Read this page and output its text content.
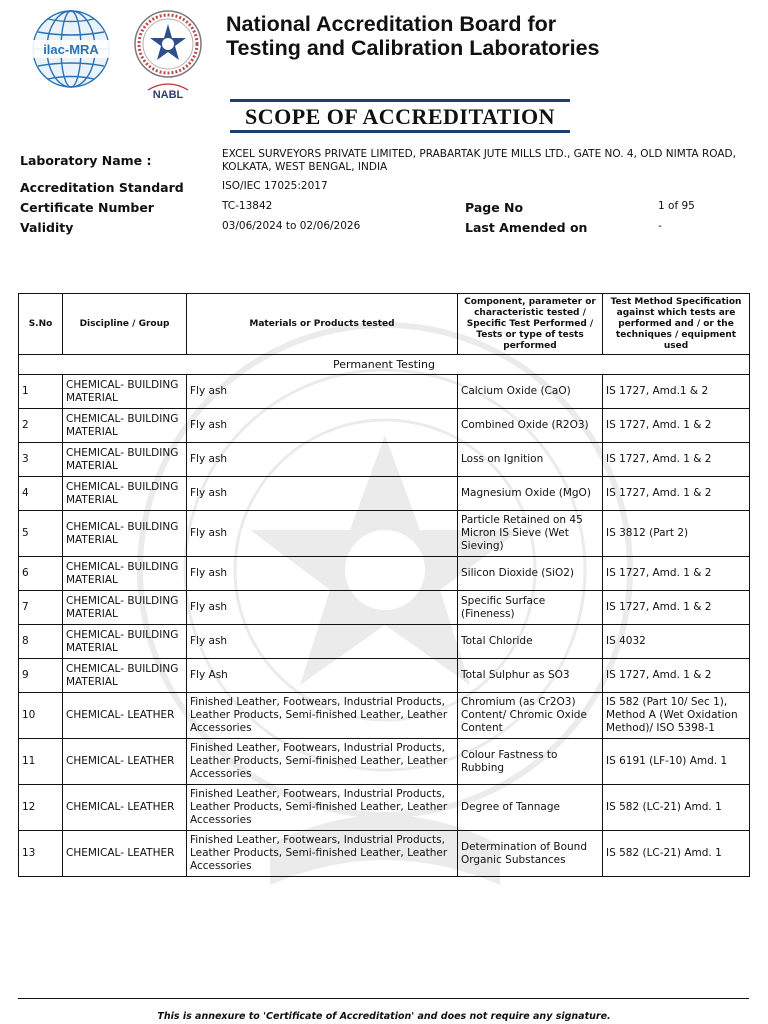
ilac-MRA
NABL
National Accreditation Board for
Testing and Calibration Laboratories
SCOPE OF ACCREDITATION
Laboratory Name :	EXCEL SURVEYORS PRIVATE LIMITED, PRABARTAK JUTE MILLS LTD., GATE NO. 4, OLD NIMTA ROAD,
KOLKATA, WEST BENGAL, INDIA
Accreditation Standard	ISO/IEC 17025:2017
Certificate Number	TC-13842	Page No	1 of 95
Validity	03/06/2024 to 02/06/2026	Last Amended on	-
S.No	Discipline / Group	Materials or Products tested	Component, parameter or characteristic tested / Specific Test Performed / Tests or type of tests performed	Test Method Specification against which tests are performed and / or the techniques / equipment used
Permanent Testing				
1	CHEMICAL- BUILDING MATERIAL	Fly ash	Calcium Oxide (CaO)	IS 1727, Amd.1 & 2
2	CHEMICAL- BUILDING MATERIAL	Fly ash	Combined Oxide (R2O3)	IS 1727, Amd. 1 & 2
3	CHEMICAL- BUILDING MATERIAL	Fly ash	Loss on Ignition	IS 1727, Amd. 1 & 2
4	CHEMICAL- BUILDING MATERIAL	Fly ash	Magnesium Oxide (MgO)	IS 1727, Amd. 1 & 2
5	CHEMICAL- BUILDING MATERIAL	Fly ash	Particle Retained on 45 Micron IS Sieve (Wet Sieving)	IS 3812 (Part 2)
6	CHEMICAL- BUILDING MATERIAL	Fly ash	Silicon Dioxide (SiO2)	IS 1727, Amd. 1 & 2
7	CHEMICAL- BUILDING MATERIAL	Fly ash	Specific Surface (Fineness)	IS 1727, Amd. 1 & 2
8	CHEMICAL- BUILDING MATERIAL	Fly ash	Total Chloride	IS 4032
9	CHEMICAL- BUILDING MATERIAL	Fly Ash	Total Sulphur as SO3	IS 1727, Amd. 1 & 2
10	CHEMICAL- LEATHER	Finished Leather, Footwears, Industrial Products, Leather Products, Semi-finished Leather, Leather Accessories	Chromium (as Cr2O3) Content/ Chromic Oxide Content	IS 582 (Part 10/ Sec 1), Method A (Wet Oxidation Method)/ ISO 5398-1
11	CHEMICAL- LEATHER	Finished Leather, Footwears, Industrial Products, Leather Products, Semi-finished Leather, Leather Accessories	Colour Fastness to Rubbing	IS 6191 (LF-10) Amd. 1
12	CHEMICAL- LEATHER	Finished Leather, Footwears, Industrial Products, Leather Products, Semi-finished Leather, Leather Accessories	Degree of Tannage	IS 582 (LC-21) Amd. 1
13	CHEMICAL- LEATHER	Finished Leather, Footwears, Industrial Products, Leather Products, Semi-finished Leather, Leather Accessories	Determination of Bound Organic Substances	IS 582 (LC-21) Amd. 1
This is annexure to 'Certificate of Accreditation' and does not require any signature.
